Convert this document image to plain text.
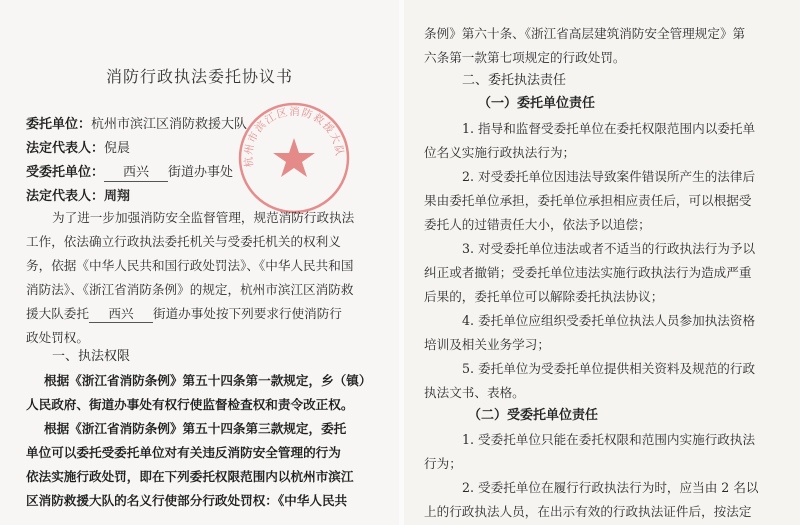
消防行政执法委托协议书
委托单位：杭州市滨江区消防救援大队
法定代表人：倪晨
受委托单位： 西兴 街道办事处
法定代表人：周翔
杭州市滨江区消防救援大队
为了进一步加强消防安全监督管理，规范消防行政执法
工作，依法确立行政执法委托机关与受委托机关的权利义
务，依据《中华人民共和国行政处罚法》、《中华人民共和国
消防法》、《浙江省消防条例》的规定，杭州市滨江区消防救
援大队委托 西兴 街道办事处按下列要求行使消防行
政处罚权。
一、执法权限
根据《浙江省消防条例》第五十四条第一款规定，乡（镇）
人民政府、街道办事处有权行使监督检查权和责令改正权。
根据《浙江省消防条例》第五十四条第三款规定，委托
单位可以委托受委托单位对有关违反消防安全管理的行为
依法实施行政处罚，即在下列委托权限范围内以杭州市滨江
区消防救援大队的名义行使部分行政处罚权：《中华人民共
条例》第六十条、《浙江省高层建筑消防安全管理规定》第
六条第一款第七项规定的行政处罚。
二、委托执法责任
（一）委托单位责任
1. 指导和监督受委托单位在委托权限范围内以委托单
位名义实施行政执法行为；
2. 对受委托单位因违法导致案件错误所产生的法律后
果由委托单位承担，委托单位承担相应责任后，可以根据受
委托人的过错责任大小，依法予以追偿；
3. 对受委托单位违法或者不适当的行政执法行为予以
纠正或者撤销；受委托单位违法实施行政执法行为造成严重
后果的，委托单位可以解除委托执法协议；
4. 委托单位应组织受委托单位执法人员参加执法资格
培训及相关业务学习；
5. 委托单位为受委托单位提供相关资料及规范的行政
执法文书、表格。
（二）受委托单位责任
1. 受委托单位只能在委托权限和范围内实施行政执法
行为；
2. 受委托单位在履行行政执法行为时，应当由 2 名以
上的行政执法人员，在出示有效的行政执法证件后，按法定
